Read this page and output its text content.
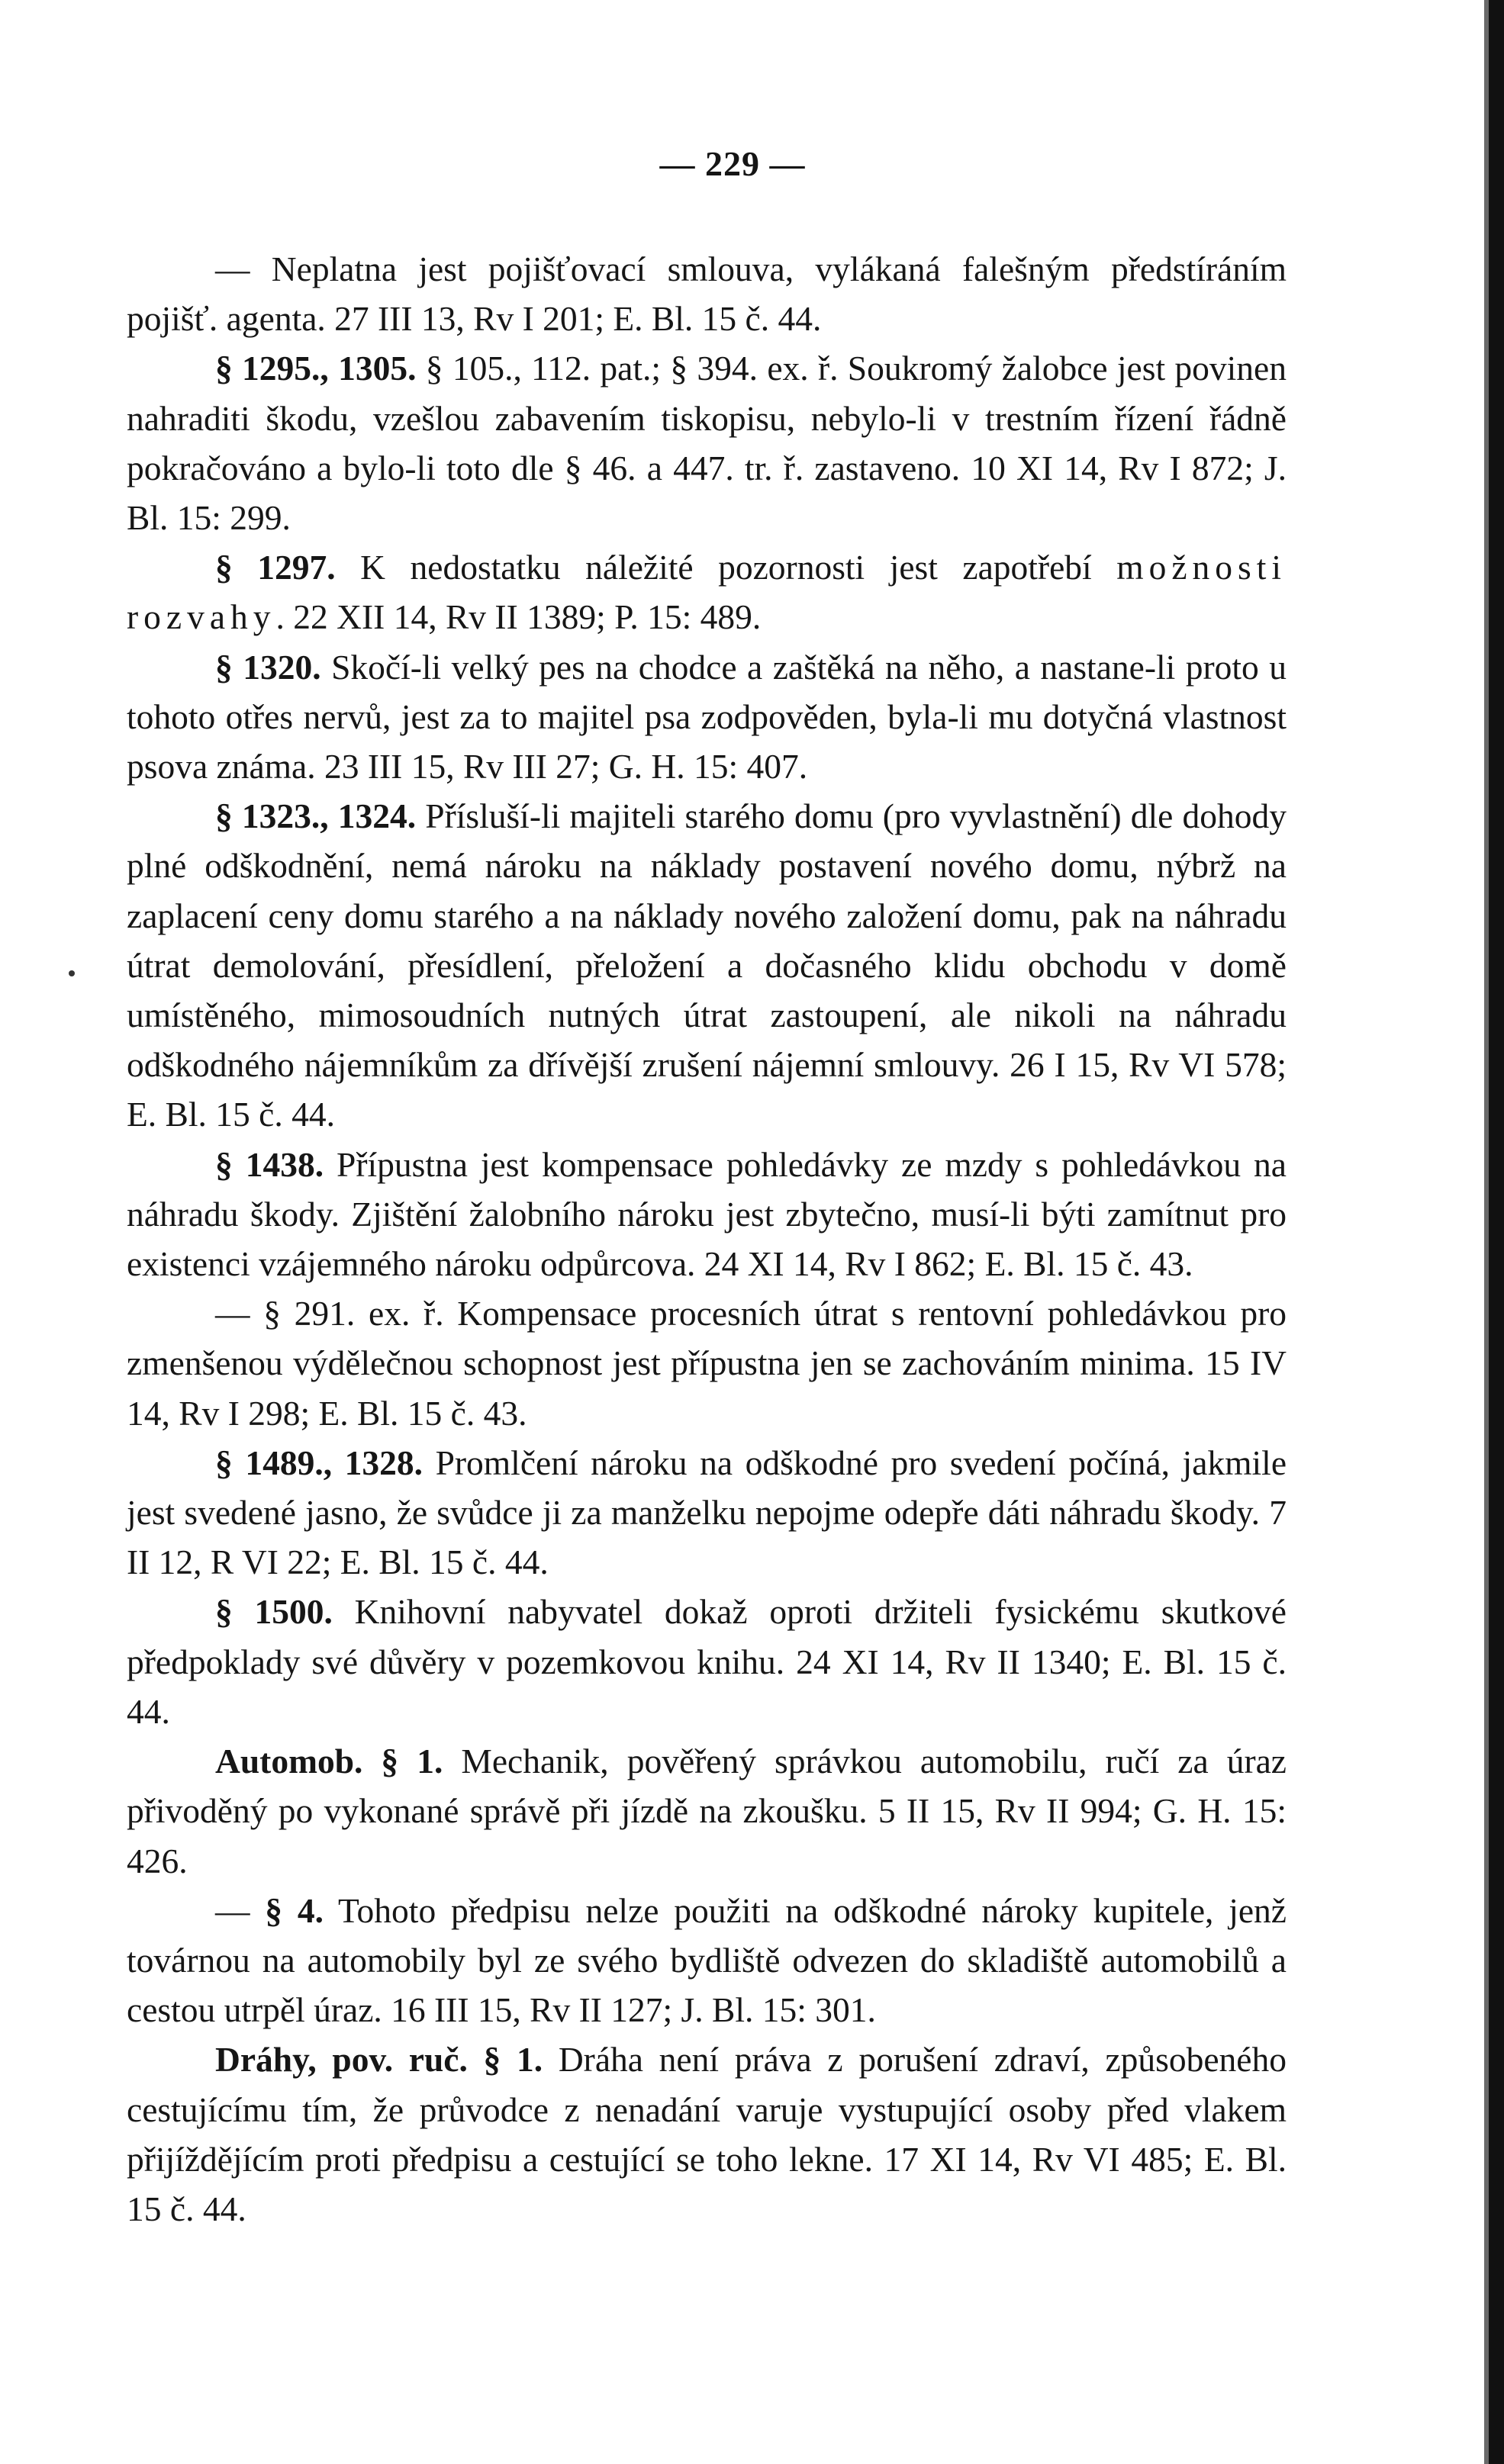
— 229 —

— Neplatna jest pojišťovací smlouva, vylákaná falešným předstíráním pojišť. agenta. 27 III 13, Rv I 201; E. Bl. 15 č. 44.

§ 1295., 1305. § 105., 112. pat.; § 394. ex. ř. Soukromý žalobce jest povinen nahraditi škodu, vzešlou zabavením tiskopisu, nebylo-li v trestním řízení řádně pokračováno a bylo-li toto dle § 46. a 447. tr. ř. zastaveno. 10 XI 14, Rv I 872; J. Bl. 15: 299.

§ 1297. K nedostatku náležité pozornosti jest zapotřebí možnosti rozvahy. 22 XII 14, Rv II 1389; P. 15: 489.

§ 1320. Skočí-li velký pes na chodce a zaštěká na něho, a nastane-li proto u tohoto otřes nervů, jest za to majitel psa zodpověden, byla-li mu dotyčná vlastnost psova známa. 23 III 15, Rv III 27; G. H. 15: 407.

§ 1323., 1324. Přísluší-li majiteli starého domu (pro vyvlastnění) dle dohody plné odškodnění, nemá nároku na náklady postavení nového domu, nýbrž na zaplacení ceny domu starého a na náklady nového založení domu, pak na náhradu útrat demolování, přesídlení, přeložení a dočasného klidu obchodu v domě umístěného, mimosoudních nutných útrat zastoupení, ale nikoli na náhradu odškodného nájemníkům za dřívější zrušení nájemní smlouvy. 26 I 15, Rv VI 578; E. Bl. 15 č. 44.

§ 1438. Přípustna jest kompensace pohledávky ze mzdy s pohledávkou na náhradu škody. Zjištění žalobního nároku jest zbytečno, musí-li býti zamítnut pro existenci vzájemného nároku odpůrcova. 24 XI 14, Rv I 862; E. Bl. 15 č. 43.

— § 291. ex. ř. Kompensace procesních útrat s rentovní pohledávkou pro zmenšenou výdělečnou schopnost jest přípustna jen se zachováním minima. 15 IV 14, Rv I 298; E. Bl. 15 č. 43.

§ 1489., 1328. Promlčení nároku na odškodné pro svedení počíná, jakmile jest svedené jasno, že svůdce ji za manželku nepojme odepře dáti náhradu škody. 7 II 12, R VI 22; E. Bl. 15 č. 44.

§ 1500. Knihovní nabyvatel dokaž oproti držiteli fysickému skutkové předpoklady své důvěry v pozemkovou knihu. 24 XI 14, Rv II 1340; E. Bl. 15 č. 44.

Automob. § 1. Mechanik, pověřený správkou automobilu, ručí za úraz přivoděný po vykonané správě při jízdě na zkoušku. 5 II 15, Rv II 994; G. H. 15: 426.

— § 4. Tohoto předpisu nelze použiti na odškodné nároky kupitele, jenž továrnou na automobily byl ze svého bydliště odvezen do skladiště automobilů a cestou utrpěl úraz. 16 III 15, Rv II 127; J. Bl. 15: 301.

Dráhy, pov. ruč. § 1. Dráha není práva z porušení zdraví, způsobeného cestujícímu tím, že průvodce z nenadání varuje vystupující osoby před vlakem přijíždějícím proti předpisu a cestující se toho lekne. 17 XI 14, Rv VI 485; E. Bl. 15 č. 44.
